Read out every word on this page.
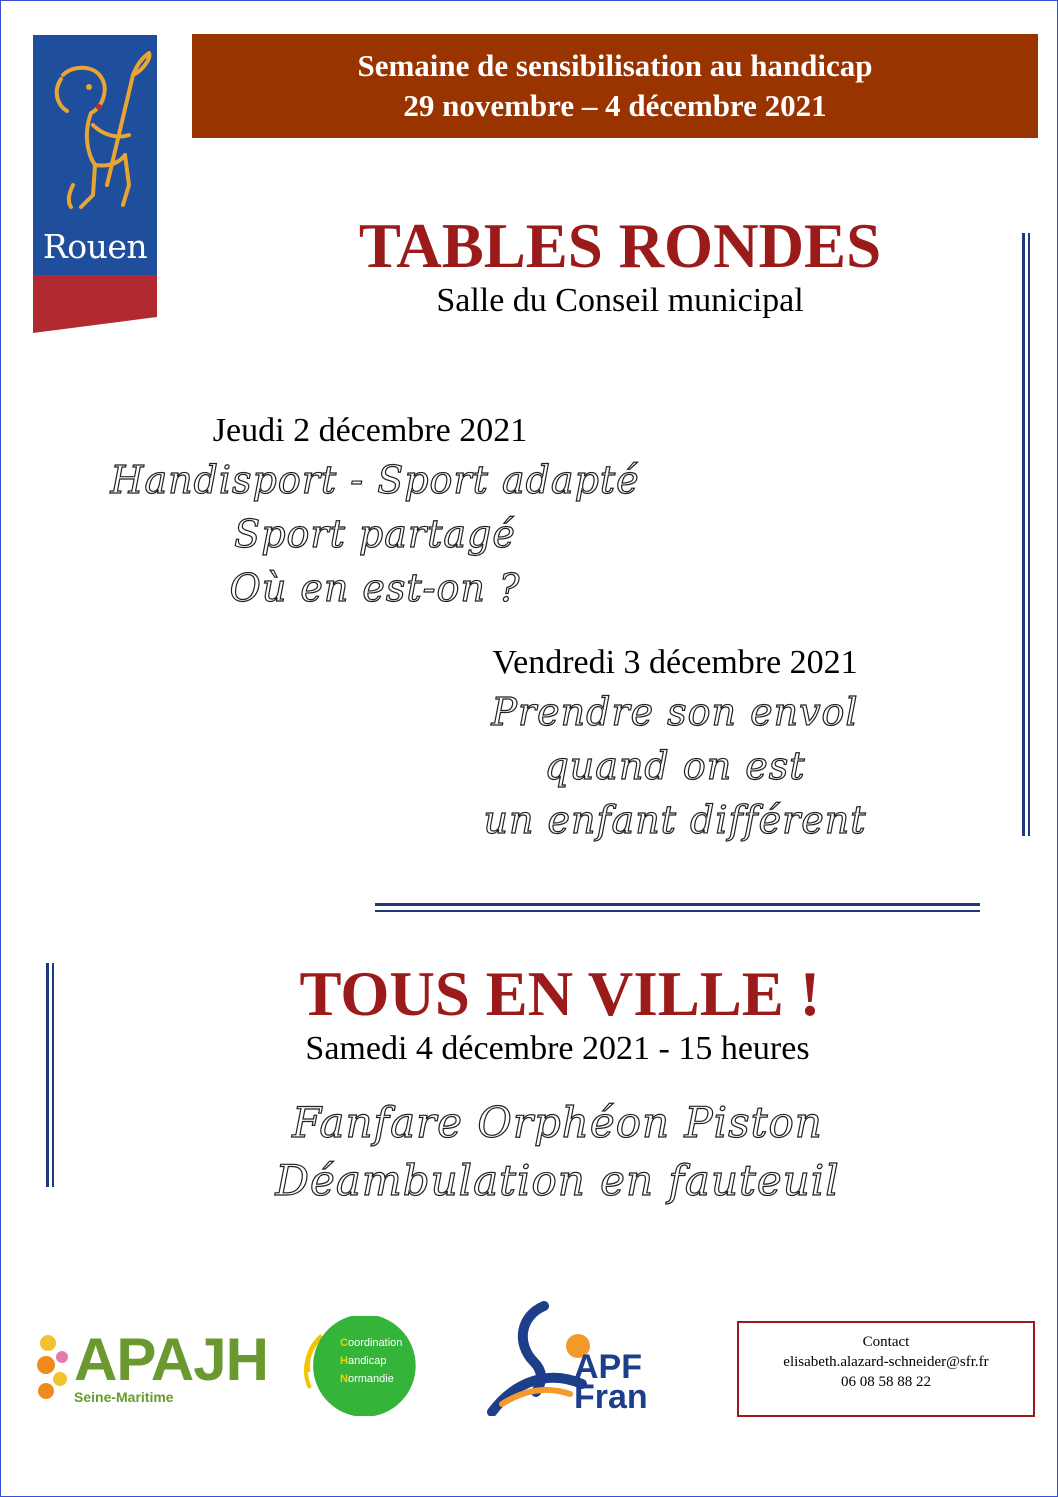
Rouen
Semaine de sensibilisation au handicap
29 novembre – 4 décembre 2021
TABLES RONDES
Salle du Conseil municipal
Jeudi 2 décembre 2021
Handisport - Sport adapté
Sport partagé
Où en est-on ?
Vendredi 3 décembre 2021
Prendre son envol
quand on est
un enfant différent
TOUS EN VILLE !
Samedi 4 décembre 2021 - 15 heures
Fanfare Orphéon Piston
Déambulation en fauteuil
APAJH
Seine-Maritime
Coordination
Handicap
Normandie	APF
Fran
Contact
elisabeth.alazard-schneider@sfr.fr
06 08 58 88 22
